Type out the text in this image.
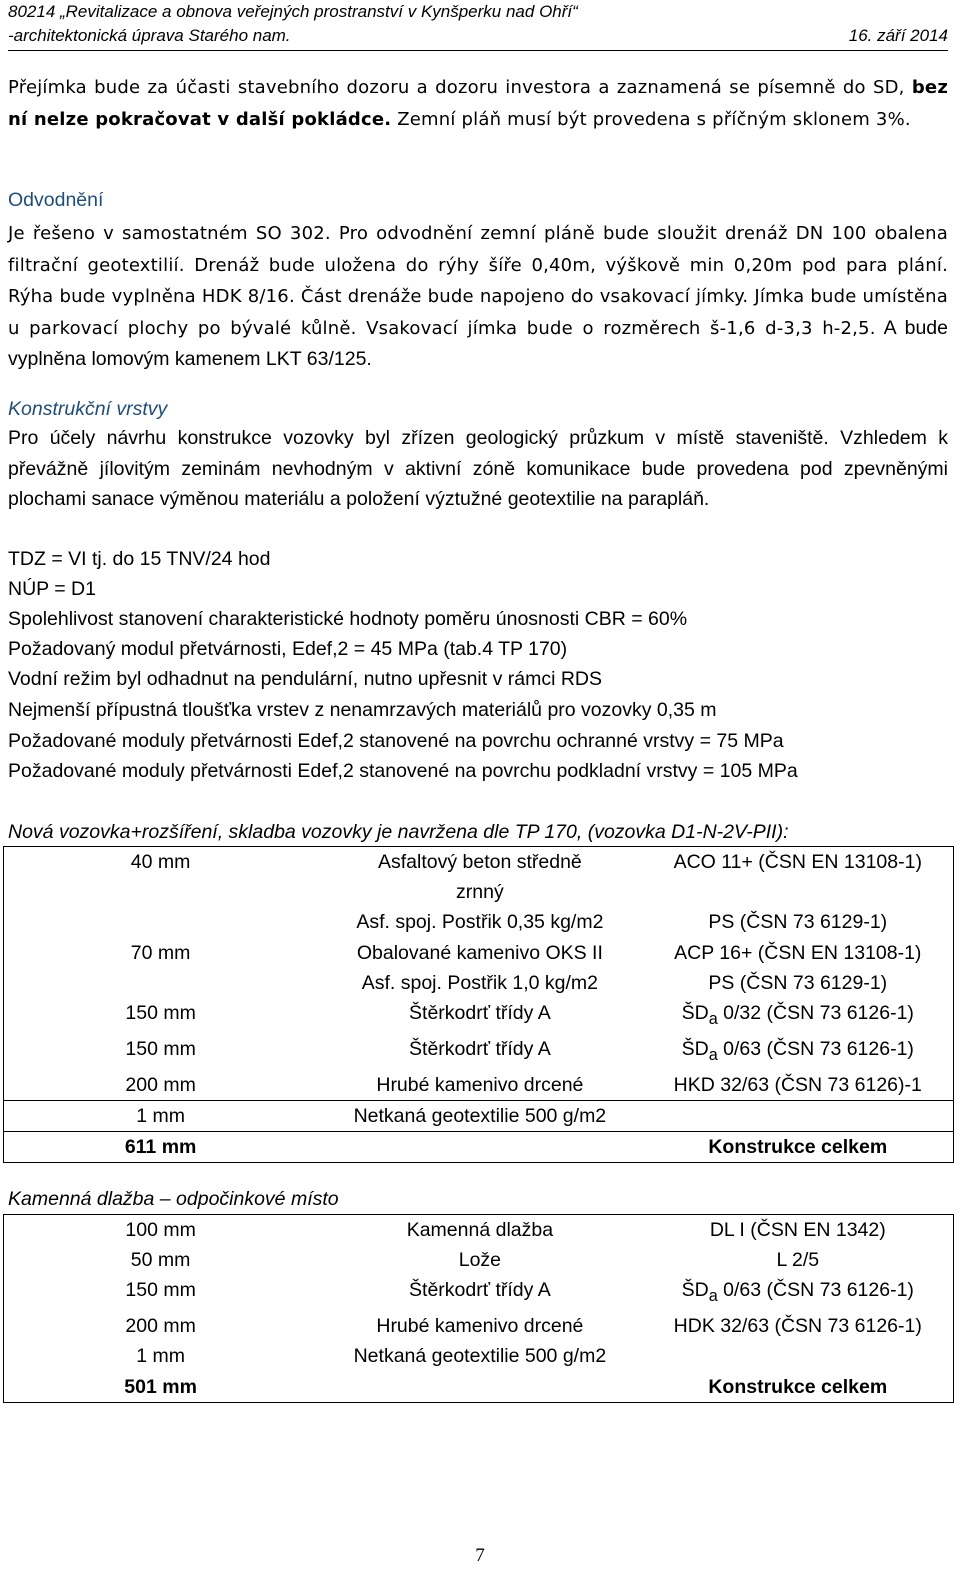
80214 „Revitalizace a obnova veřejných prostranství v Kynšperku nad Ohří“
-architektonická úprava Starého nam.	16. září 2014

Přejímka bude za účasti stavebního dozoru a dozoru investora a zaznamená se písemně do SD, bez ní nelze pokračovat v další pokládce. Zemní pláň musí být provedena s příčným sklonem 3%.

Odvodnění

Je řešeno v samostatném SO 302. Pro odvodnění zemní pláně bude sloužit drenáž DN 100 obalena filtrační geotextilií. Drenáž bude uložena do rýhy šíře 0,40m, výškově min 0,20m pod para plání. Rýha bude vyplněna HDK 8/16. Část drenáže bude napojeno do vsakovací jímky. Jímka bude umístěna u parkovací plochy po bývalé kůlně. Vsakovací jímka bude o rozměrech š-1,6 d-3,3 h-2,5. A bude vyplněna lomovým kamenem LKT 63/125.

Konstrukční vrstvy

Pro účely návrhu konstrukce vozovky byl zřízen geologický průzkum v místě staveniště. Vzhledem k převážně jílovitým zeminám nevhodným v aktivní zóně komunikace bude provedena pod zpevněnými plochami sanace výměnou materiálu a položení výztužné geotextilie na parapláň.

TDZ = VI tj. do 15 TNV/24 hod
NÚP = D1
Spolehlivost stanovení charakteristické hodnoty poměru únosnosti CBR = 60%
Požadovaný modul přetvárnosti, Edef,2 = 45 MPa (tab.4 TP 170)
Vodní režim byl odhadnut na pendulární, nutno upřesnit v rámci RDS
Nejmenší přípustná tloušťka vrstev z nenamrzavých materiálů pro vozovky 0,35 m
Požadované moduly přetvárnosti Edef,2 stanovené na povrchu ochranné vrstvy = 75 MPa
Požadované moduly přetvárnosti Edef,2 stanovené na povrchu podkladní vrstvy = 105 MPa
Nová vozovka+rozšíření, skladba vozovky je navržena dle TP 170, (vozovka D1-N-2V-PII):
40 mm	Asfaltový beton středně	ACO 11+ (ČSN EN 13108-1)
	zrnný	
	Asf. spoj. Postřik 0,35 kg/m2	PS (ČSN 73 6129-1)
70 mm	Obalované kamenivo OKS II	ACP 16+ (ČSN EN 13108-1)
	Asf. spoj. Postřik 1,0 kg/m2	PS (ČSN 73 6129-1)
150 mm	Štěrkodrť třídy A	$ŠD_a$ 0/32 (ČSN 73 6126-1)
150 mm	Štěrkodrť třídy A	$ŠD_a$ 0/63 (ČSN 73 6126-1)
200 mm	Hrubé kamenivo drcené	HKD 32/63 (ČSN 73 6126)-1
1 mm	Netkaná geotextilie 500 g/m2	
611 mm		Konstrukce celkem
Kamenná dlažba – odpočinkové místo
100 mm	Kamenná dlažba	DL I (ČSN EN 1342)
50 mm	Lože	L 2/5
150 mm	Štěrkodrť třídy A	$ŠD_a$ 0/63 (ČSN 73 6126-1)
200 mm	Hrubé kamenivo drcené	HDK 32/63 (ČSN 73 6126-1)
1 mm	Netkaná geotextilie 500 g/m2	
501 mm		Konstrukce celkem
7
